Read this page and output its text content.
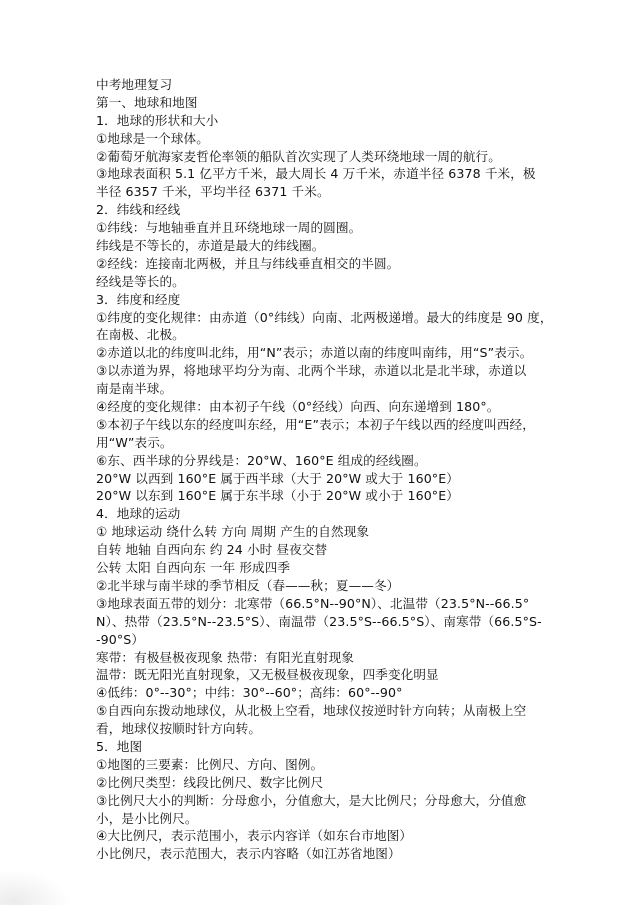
中考地理复习
第一、地球和地图
1．地球的形状和大小
①地球是一个球体。
②葡萄牙航海家麦哲伦率领的船队首次实现了人类环绕地球一周的航行。
③地球表面积 5.1 亿平方千米，最大周长 4 万千米，赤道半径 6378 千米，极
半径 6357 千米，平均半径 6371 千米。
2．纬线和经线
①纬线：与地轴垂直并且环绕地球一周的圆圈。
纬线是不等长的，赤道是最大的纬线圈。
②经线：连接南北两极，并且与纬线垂直相交的半圆。
经线是等长的。
3．纬度和经度
①纬度的变化规律：由赤道（0°纬线）向南、北两极递增。最大的纬度是 90 度，
在南极、北极。
②赤道以北的纬度叫北纬，用“N”表示；赤道以南的纬度叫南纬，用“S”表示。
③以赤道为界，将地球平均分为南、北两个半球，赤道以北是北半球，赤道以
南是南半球。
④经度的变化规律：由本初子午线（0°经线）向西、向东递增到 180°。
⑤本初子午线以东的经度叫东经，用“E”表示；本初子午线以西的经度叫西经，
用“W”表示。
⑥东、西半球的分界线是：20°W、160°E 组成的经线圈。
20°W 以西到 160°E 属于西半球（大于 20°W 或大于 160°E）
20°W 以东到 160°E 属于东半球（小于 20°W 或小于 160°E）
4．地球的运动
① 地球运动 绕什么转 方向 周期 产生的自然现象
自转 地轴 自西向东 约 24 小时 昼夜交替
公转 太阳 自西向东 一年 形成四季
②北半球与南半球的季节相反（春——秋；夏——冬）
③地球表面五带的划分：北寒带（66.5°N--90°N）、北温带（23.5°N--66.5°
N）、热带（23.5°N--23.5°S）、南温带（23.5°S--66.5°S）、南寒带（66.5°S-
-90°S）
寒带：有极昼极夜现象 热带：有阳光直射现象
温带：既无阳光直射现象，又无极昼极夜现象，四季变化明显
④低纬：0°--30°；中纬：30°--60°；高纬：60°--90°
⑤自西向东拨动地球仪，从北极上空看，地球仪按逆时针方向转；从南极上空
看，地球仪按顺时针方向转。
5．地图
①地图的三要素：比例尺、方向、图例。
②比例尺类型：线段比例尺、数字比例尺
③比例尺大小的判断：分母愈小，分值愈大，是大比例尺；分母愈大，分值愈
小，是小比例尺。
④大比例尺，表示范围小，表示内容详（如东台市地图）
小比例尺，表示范围大，表示内容略（如江苏省地图）
